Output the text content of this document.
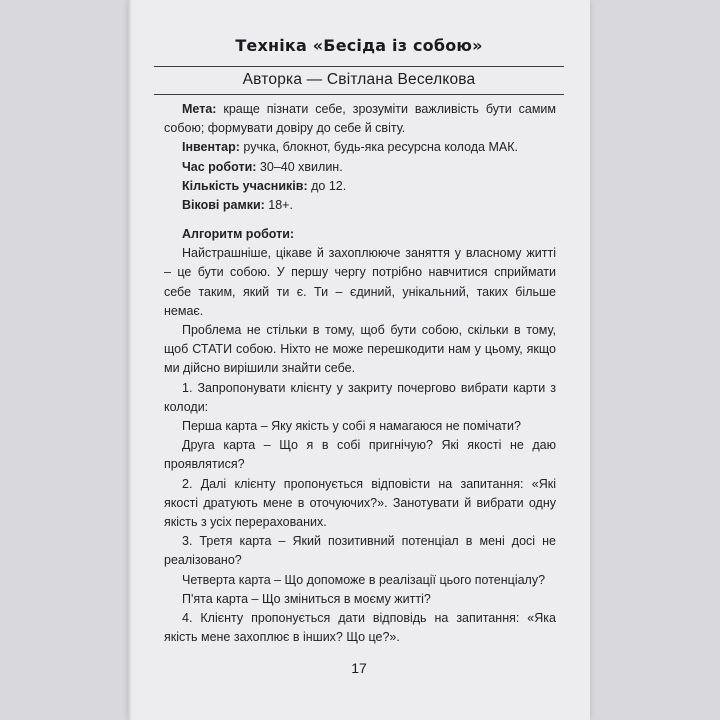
Техніка «Бесіда із собою»
Авторка — Світлана Веселкова

Мета: краще пізнати себе, зрозуміти важливість бути самим собою; формувати довіру до себе й світу.

Інвентар: ручка, блокнот, будь-яка ресурсна колода МАК.

Час роботи: 30–40 хвилин.

Кількість учасників: до 12.

Вікові рамки: 18+.

Алгоритм роботи:

Найстрашніше, цікаве й захоплююче заняття у власному житті – це бути собою. У першу чергу потрібно навчитися сприймати себе таким, який ти є. Ти – єдиний, унікальний, таких більше немає.

Проблема не стільки в тому, щоб бути собою, скільки в тому, щоб СТАТИ собою. Ніхто не може перешкодити нам у цьому, якщо ми дійсно вирішили знайти себе.

1. Запропонувати клієнту у закриту почергово вибрати карти з колоди:

Перша карта – Яку якість у собі я намагаюся не помічати?

Друга карта – Що я в собі пригнічую? Які якості не даю проявлятися?

2. Далі клієнту пропонується відповісти на запитання: «Які якості дратують мене в оточуючих?». Занотувати й вибрати одну якість з усіх перерахованих.

3. Третя карта – Який позитивний потенціал в мені досі не реалізовано?

Четверта карта – Що допоможе в реалізації цього потенціалу?

П'ята карта – Що зміниться в моєму житті?

4. Клієнту пропонується дати відповідь на запитання: «Яка якість мене захоплює в інших? Що це?».

17
